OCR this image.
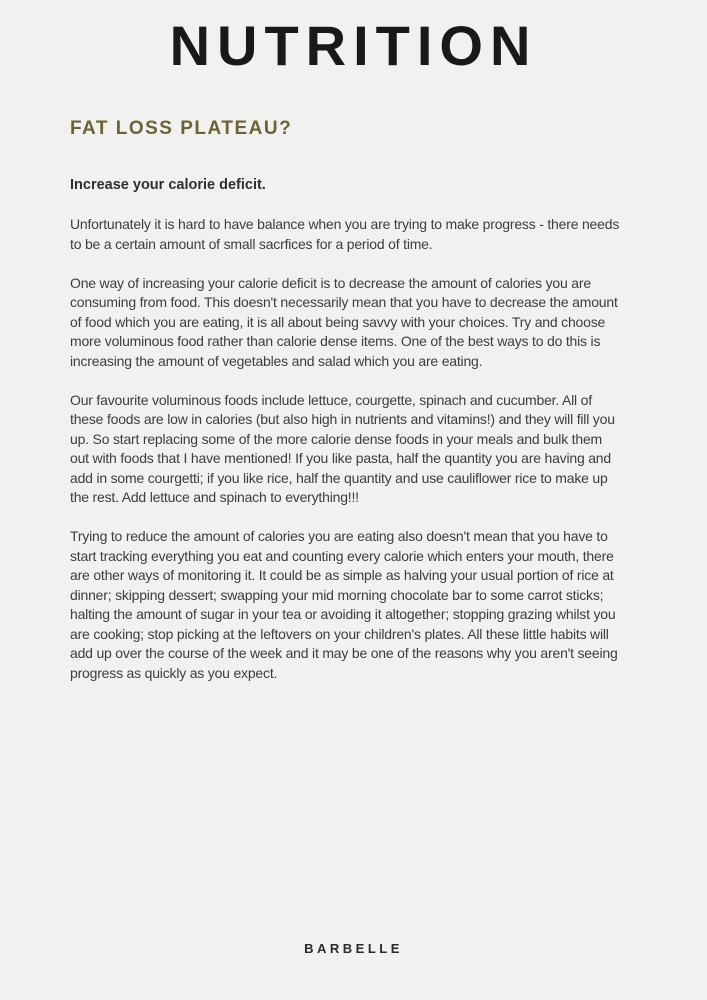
NUTRITION
FAT LOSS PLATEAU?

Increase your calorie deficit.

Unfortunately it is hard to have balance when you are trying to make progress - there needs to be a certain amount of small sacrfices for a period of time.

One way of increasing your calorie deficit is to decrease the amount of calories you are consuming from food. This doesn't necessarily mean that you have to decrease the amount of food which you are eating, it is all about being savvy with your choices. Try and choose more voluminous food rather than calorie dense items. One of the best ways to do this is increasing the amount of vegetables and salad which you are eating.

Our favourite voluminous foods include lettuce, courgette, spinach and cucumber. All of these foods are low in calories (but also high in nutrients and vitamins!) and they will fill you up. So start replacing some of the more calorie dense foods in your meals and bulk them out with foods that I have mentioned! If you like pasta, half the quantity you are having and add in some courgetti; if you like rice, half the quantity and use cauliflower rice to make up the rest. Add lettuce and spinach to everything!!!

Trying to reduce the amount of calories you are eating also doesn't mean that you have to start tracking everything you eat and counting every calorie which enters your mouth, there are other ways of monitoring it. It could be as simple as halving your usual portion of rice at dinner; skipping dessert; swapping your mid morning chocolate bar to some carrot sticks; halting the amount of sugar in your tea or avoiding it altogether; stopping grazing whilst you are cooking; stop picking at the leftovers on your children's plates. All these little habits will add up over the course of the week and it may be one of the reasons why you aren't seeing progress as quickly as you expect.

BARBELLE
